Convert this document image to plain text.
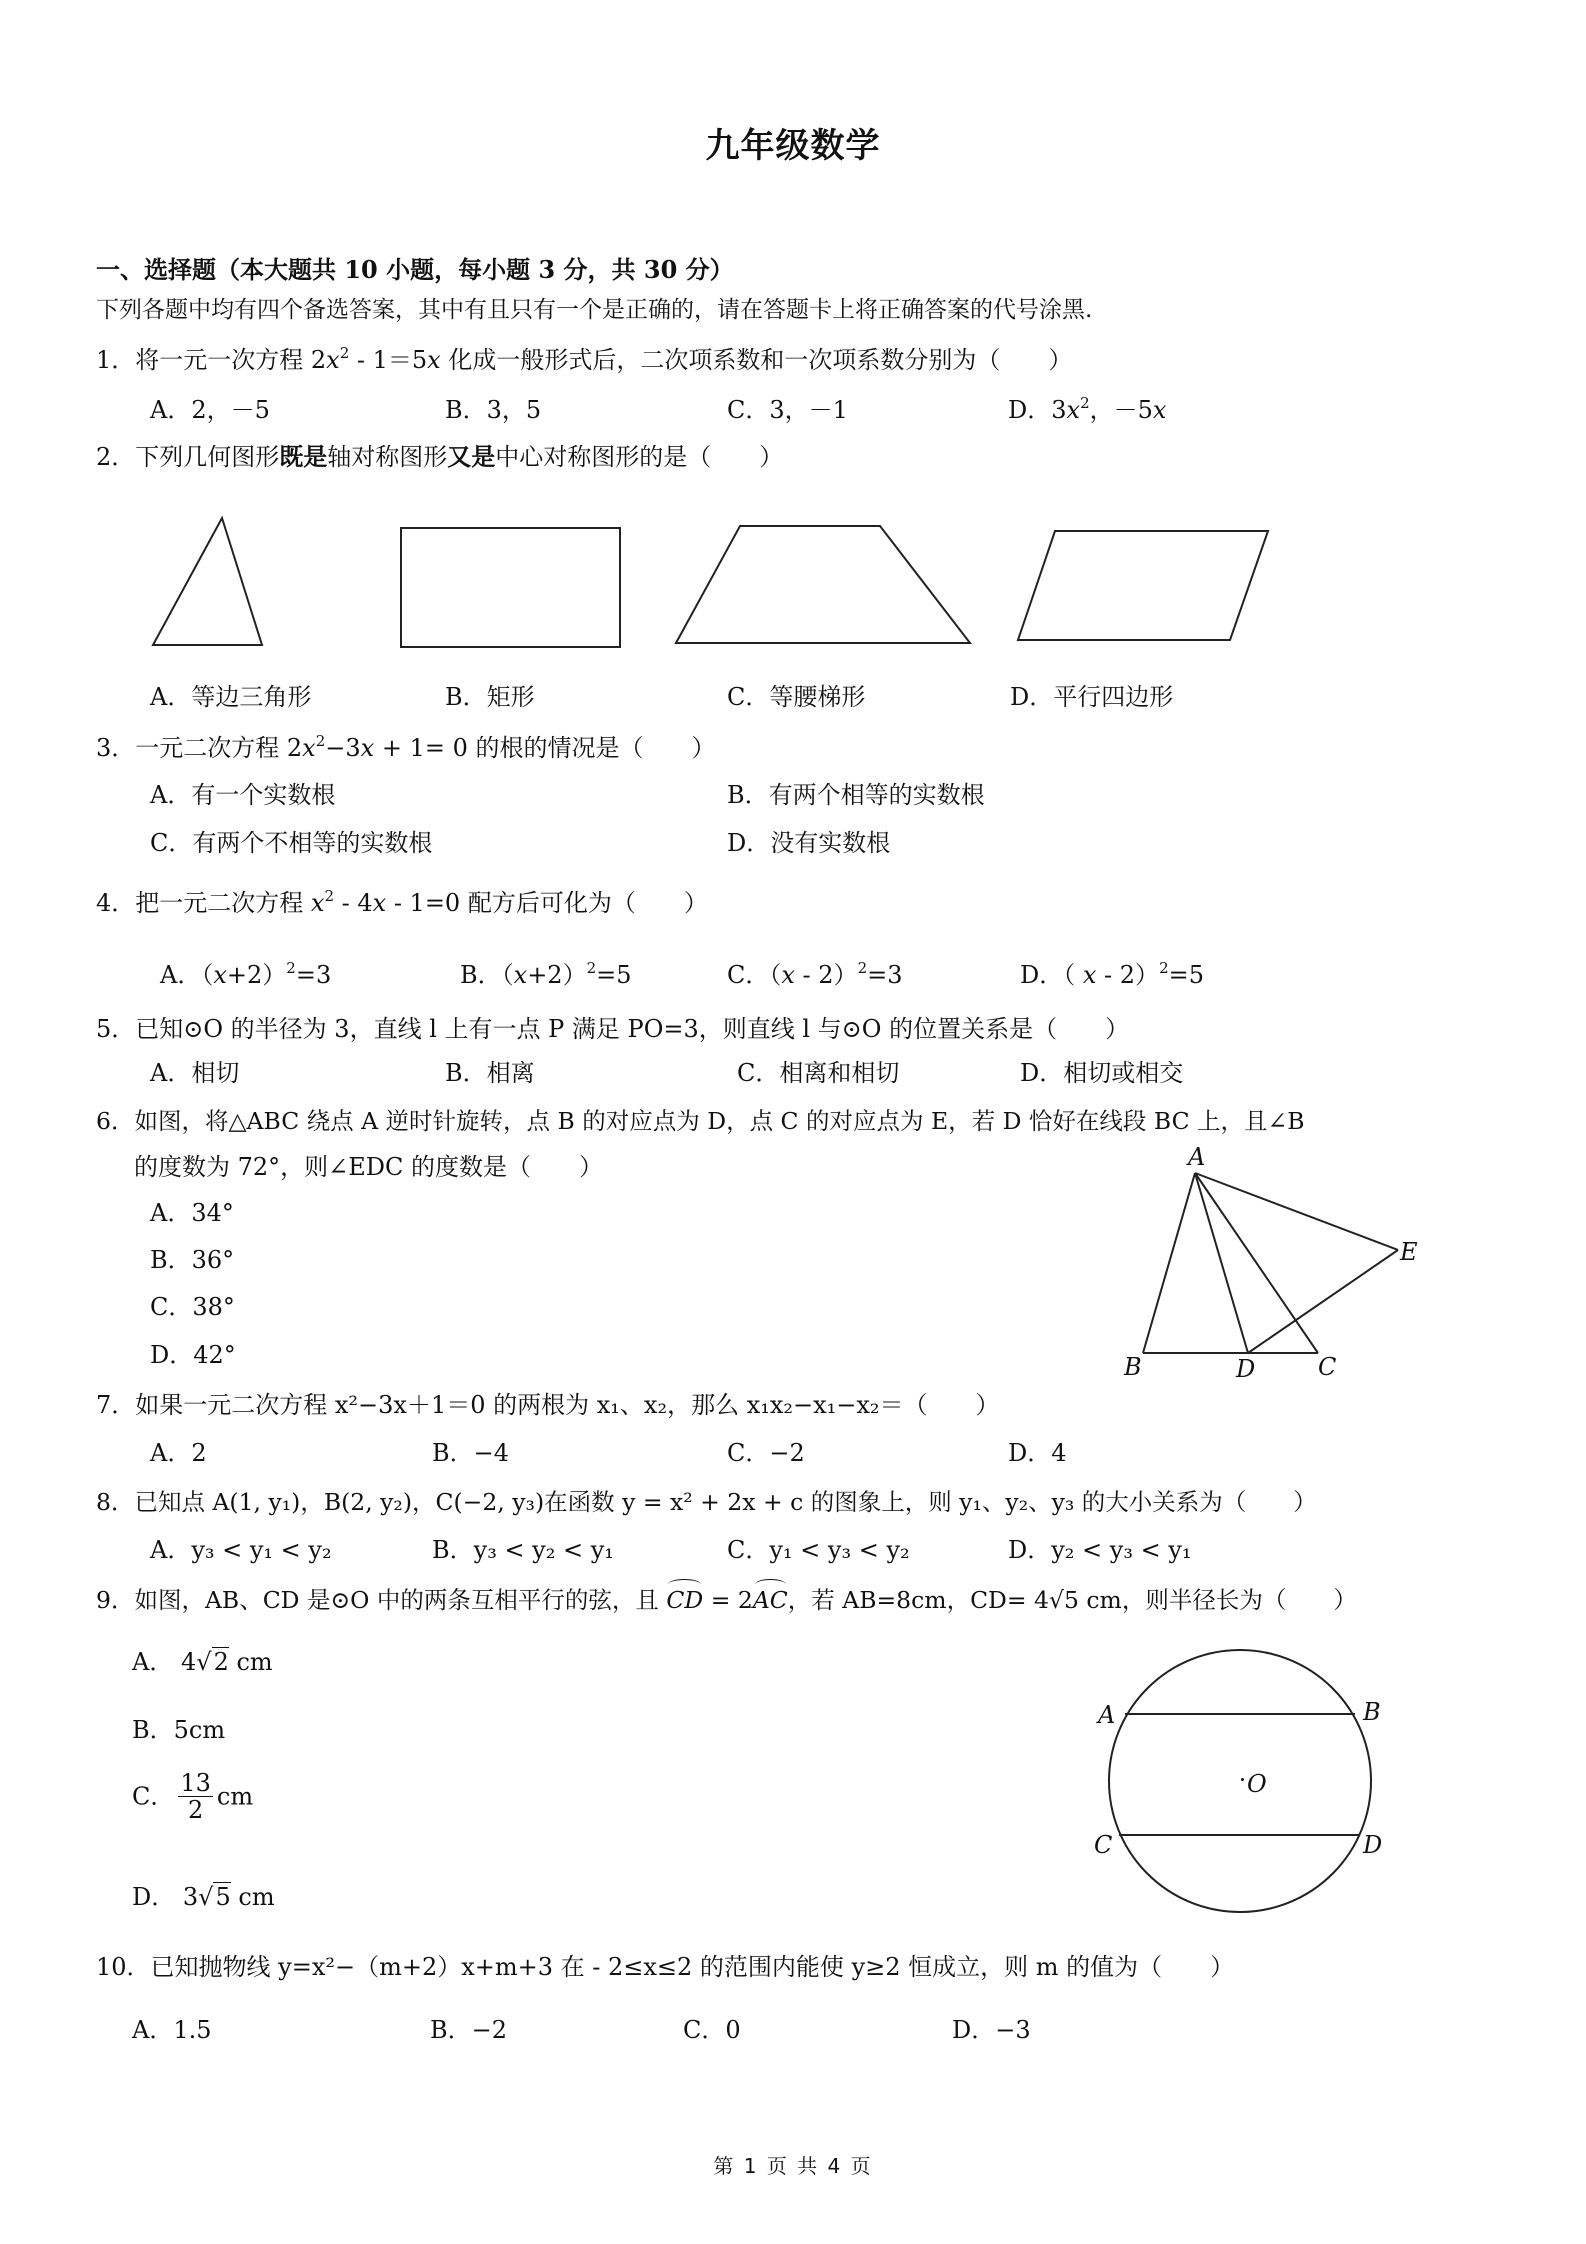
九年级数学
一、选择题（本大题共 10 小题，每小题 3 分，共 30 分）
下列各题中均有四个备选答案，其中有且只有一个是正确的，请在答题卡上将正确答案的代号涂黑.
1．将一元一次方程 $2x^2 - 1=5x$ 化成一般形式后，二次项系数和一次项系数分别为（　　）
A．2，－5	B．3，5	C．3，－1	D．$3x^2$，－5x
2．下列几何图形既是轴对称图形又是中心对称图形的是（　　）
A．等边三角形	B．矩形	C．等腰梯形	D．平行四边形
3．一元二次方程 $2x^2-3x + 1= 0$ 的根的情况是（　　）
A．有一个实数根	B．有两个相等的实数根
C．有两个不相等的实数根	D．没有实数根
4．把一元二次方程 $x^2 - 4x - 1=0$ 配方后可化为（　　）
A．$(x+2)^2=3$	B．$(x+2)^2=5$	C．（x - 2）$^2$=3	D．（ x - 2）$^2$=5
5．已知⊙O 的半径为 3，直线 l 上有一点 P 满足 PO=3，则直线 l 与⊙O 的位置关系是（　　）
A．相切	B．相离	C．相离和相切	D．相切或相交
6．如图，将△ABC 绕点 A 逆时针旋转，点 B 的对应点为 D，点 C 的对应点为 E，若 D 恰好在线段 BC 上，且∠B
的度数为 72°，则∠EDC 的度数是（　　）
A．34°
B．36°
C．38°
D．42°
A
B	C
D
E
7．如果一元二次方程 x²−3x＋1＝0 的两根为 x₁、x₂，那么 x₁x₂−x₁−x₂＝（　　）
A．2	B．−4	C．−2	D．4
8．已知点 A(1, y₁)，B(2, y₂)，C(−2, y₃)在函数 y = x² + 2x + c 的图象上，则 y₁、y₂、y₃ 的大小关系为（　　）
A．y₃ < y₁ < y₂	B．y₃ < y₂ < y₁	C．y₁ < y₃ < y₂	D．y₂ < y₃ < y₁
9．如图，AB、CD 是⊙O 中的两条互相平行的弦，且 CD = 2AC，若 AB=8cm，CD= 4√5 cm，则半径长为（　　）
A． 4√2 cm
B．5cm
C． $\frac{13}{2}$ cm
D． 3√5 cm
A	B
C	D
O
10．已知抛物线 y=x²−（m+2）x+m+3 在 - 2≤x≤2 的范围内能使 y≥2 恒成立，则 m 的值为（　　）
A．1.5	B．−2	C．0	D．−3
第 1 页 共 4 页
